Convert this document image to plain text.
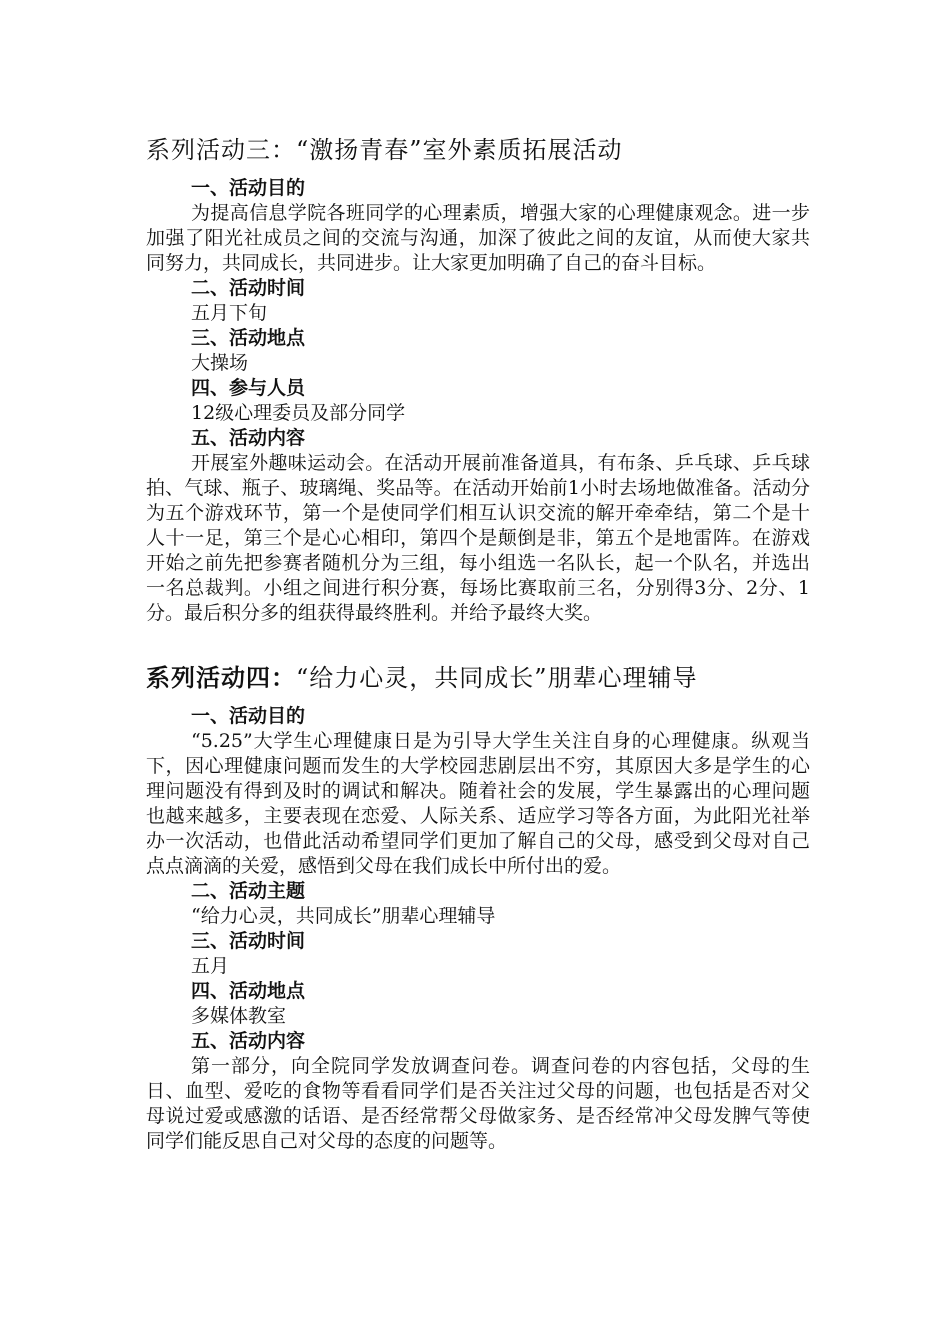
系列活动三：“激扬青春”室外素质拓展活动
一、活动目的
为提高信息学院各班同学的心理素质，增强大家的心理健康观念。进一步加强了阳光社成员之间的交流与沟通，加深了彼此之间的友谊，从而使大家共同努力，共同成长，共同进步。让大家更加明确了自己的奋斗目标。
二、活动时间
五月下旬
三、活动地点
大操场
四、参与人员
12级心理委员及部分同学
五、活动内容
开展室外趣味运动会。在活动开展前准备道具，有布条、乒乓球、乒乓球拍、气球、瓶子、玻璃绳、奖品等。在活动开始前1小时去场地做准备。活动分为五个游戏环节，第一个是使同学们相互认识交流的解开牵牵结，第二个是十人十一足，第三个是心心相印，第四个是颠倒是非，第五个是地雷阵。在游戏开始之前先把参赛者随机分为三组，每小组选一名队长，起一个队名，并选出一名总裁判。小组之间进行积分赛，每场比赛取前三名，分别得3分、2分、1分。最后积分多的组获得最终胜利。并给予最终大奖。
系列活动四：“给力心灵，共同成长”朋辈心理辅导
一、活动目的
“5.25”大学生心理健康日是为引导大学生关注自身的心理健康。纵观当下，因心理健康问题而发生的大学校园悲剧层出不穷，其原因大多是学生的心理问题没有得到及时的调试和解决。随着社会的发展，学生暴露出的心理问题也越来越多，主要表现在恋爱、人际关系、适应学习等各方面，为此阳光社举办一次活动，也借此活动希望同学们更加了解自己的父母，感受到父母对自己点点滴滴的关爱，感悟到父母在我们成长中所付出的爱。
二、活动主题
“给力心灵，共同成长”朋辈心理辅导
三、活动时间
五月
四、活动地点
多媒体教室
五、活动内容
第一部分，向全院同学发放调查问卷。调查问卷的内容包括，父母的生日、血型、爱吃的食物等看看同学们是否关注过父母的问题，也包括是否对父母说过爱或感激的话语、是否经常帮父母做家务、是否经常冲父母发脾气等使同学们能反思自己对父母的态度的问题等。
